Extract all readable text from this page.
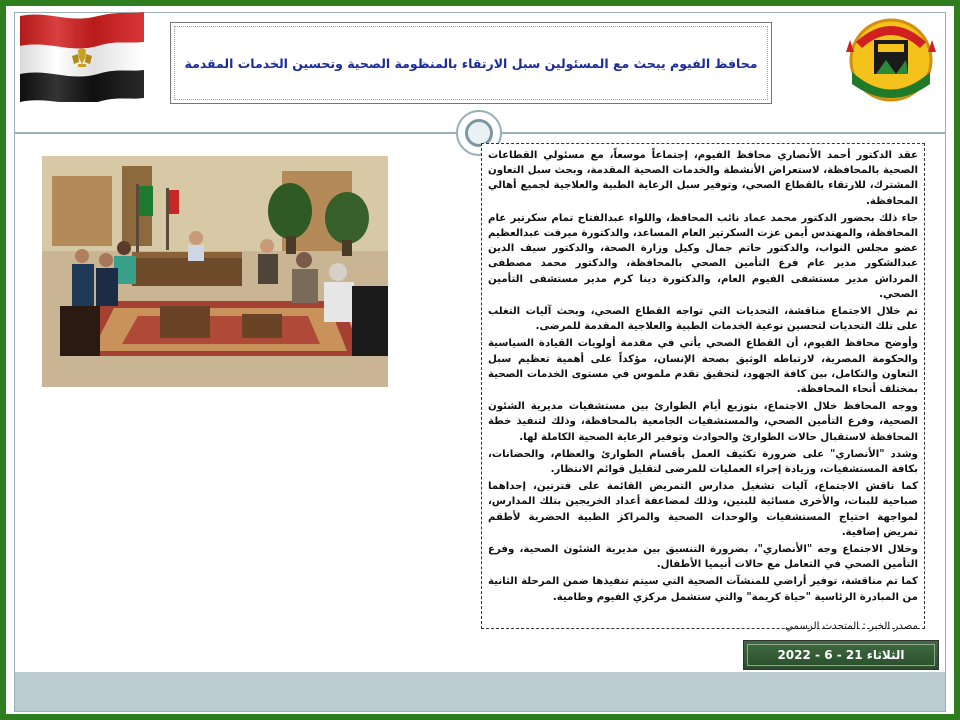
محافظ الفيوم يبحث مع المسئولين سبل الارتقاء بالمنظومة الصحية وتحسين الخدمات المقدمة

عقد الدكتور أحمد الأنصاري محافظ الفيوم، إجتماعاً موسعاً، مع مسئولي القطاعات الصحية بالمحافظة، لاستعراض الأنشطة والخدمات الصحية المقدمة، وبحث سبل التعاون المشترك، للارتقاء بالقطاع الصحي، وتوفير سبل الرعاية الطبية والعلاجية لجميع أهالي المحافظة.

جاء ذلك بحضور الدكتور محمد عماد نائب المحافظ، واللواء عبدالفتاح تمام سكرتير عام المحافظة، والمهندس أيمن عزت السكرتير العام المساعد، والدكتورة ميرفت عبدالعظيم عضو مجلس النواب، والدكتور حاتم جمال وكيل وزارة الصحة، والدكتور سيف الدين عبدالشكور مدير عام فرع التأمين الصحي بالمحافظة، والدكتور محمد مصطفى المرداش مدير مستشفى الفيوم العام، والدكتورة دينا كرم مدير مستشفى التأمين الصحي.

تم خلال الاجتماع مناقشة، التحديات التي تواجه القطاع الصحي، وبحث آليات التغلب على تلك التحديات لتحسين نوعية الخدمات الطبية والعلاجية المقدمة للمرضى.

وأوضح محافظ الفيوم، أن القطاع الصحي يأتي في مقدمة أولويات القيادة السياسية والحكومة المصرية، لارتباطه الوثيق بصحة الإنسان، مؤكداً على أهمية تعظيم سبل التعاون والتكامل، بين كافة الجهود، لتحقيق تقدم ملموس في مستوى الخدمات الصحية بمختلف أنحاء المحافظة.

ووجه المحافظ خلال الاجتماع، بتوزيع أيام الطوارئ بين مستشفيات مديرية الشئون الصحية، وفرع التأمين الصحي، والمستشفيات الجامعية بالمحافظة، وذلك لتنفيذ خطة المحافظة لاستقبال حالات الطوارئ والحوادث وتوفير الرعاية الصحية الكاملة لها.

وشدد "الأنصاري" على ضرورة تكثيف العمل بأقسام الطوارئ والعظام، والحضانات، بكافة المستشفيات، وزيادة إجراء العمليات للمرضى لتقليل قوائم الانتظار.

كما ناقش الاجتماع، آليات تشغيل مدارس التمريض القائمة على فترتين، إحداهما صباحية للبنات، والأخرى مسائية للبنين، وذلك لمضاعفة أعداد الخريجين بتلك المدارس، لمواجهة احتياج المستشفيات والوحدات الصحية والمراكز الطبية الحضرية لأطقم تمريض إضافية.

وخلال الاجتماع وجه "الأنصاري"، بضرورة التنسيق بين مديرية الشئون الصحية، وفرع التأمين الصحي في التعامل مع حالات أنيميا الأطفال.

كما تم مناقشة، توفير أراضي للمنشآت الصحية التي سيتم تنفيذها ضمن المرحلة الثانية من المبادرة الرئاسية "حياة كريمة" والتي ستشمل مركزي الفيوم وطامية.

مصدر الخبر : المتحدث الرسمي

الثلاثاء 21 - 6 - 2022
